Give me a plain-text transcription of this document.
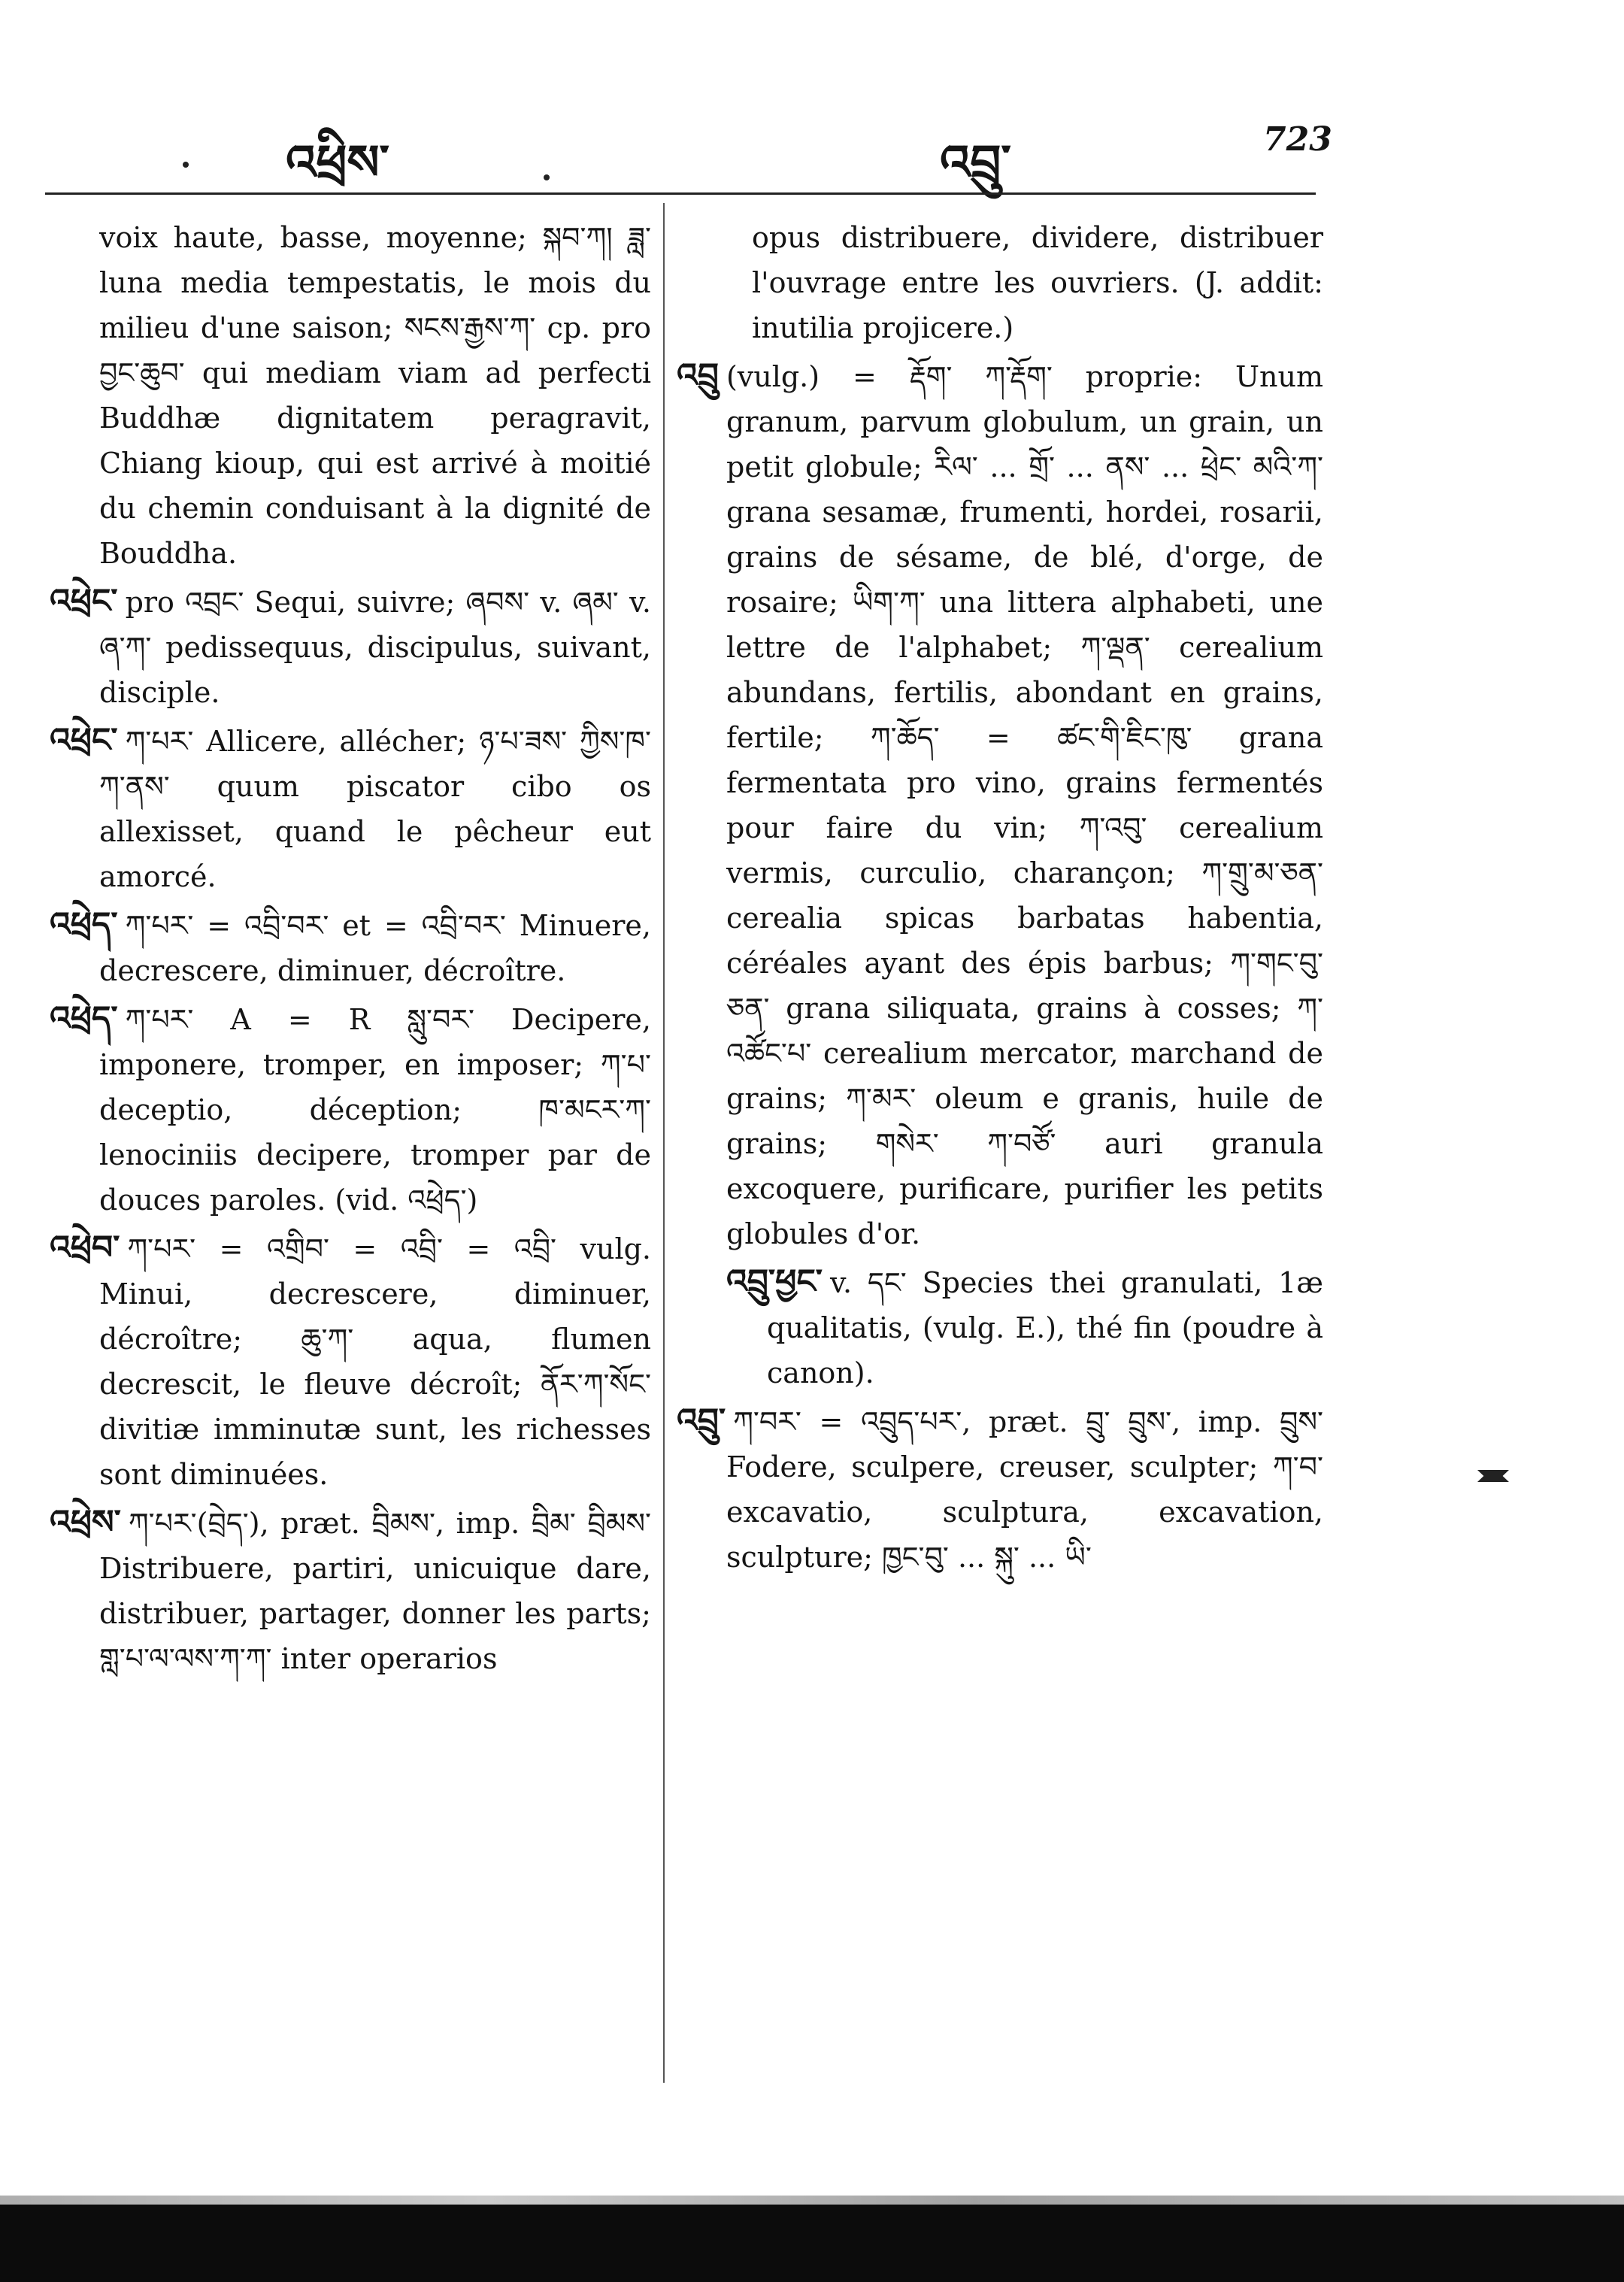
འཕྲིས་	འབྲུ་	723

voix haute, basse, moyenne; སྐབ་ཀ། ཟླ་ luna media tempestatis, le mois du milieu d'une saison; སངས་རྒྱས་ཀ་ cp. pro བྱང་ཆུབ་ qui mediam viam ad perfecti Buddhæ dignitatem peragravit, Chiang kioup, qui est arrivé à moitié du chemin conduisant à la dignité de Bouddha.

འཕྲེང་ pro འབྲང་ Sequi, suivre; ཞབས་ v. ཞམ་ v. ཞ་ཀ་ pedissequus, discipulus, suivant, disciple.

འཕྲེང་ ཀ་པར་ Allicere, allécher; ཉ་པ་ཟས་ ཀྱིས་ཁ་ཀ་ནས་ quum piscator cibo os allexisset, quand le pêcheur eut amorcé.

འཕྲེད་ ཀ་པར་ = འབྲི་བར་ et = འབྲི་བར་ Minuere, decrescere, diminuer, décroître.

འཕྲེད་ ཀ་པར་ A = R སླུ་བར་ Decipere, imponere, tromper, en imposer; ཀ་པ་ deceptio, déception; ཁ་མངར་ཀ་ lenociniis decipere, tromper par de douces paroles. (vid. འཕྲེད་)

འཕྲེབ་ ཀ་པར་ = འགྲིབ་ = འབྲི་ = འབྲི་ vulg. Minui, decrescere, diminuer, décroître; ཆུ་ཀ་ aqua, flumen decrescit, le fleuve décroît; ནོར་ཀ་སོང་ divitiæ imminutæ sunt, les richesses sont diminuées.

འཕྲེས་ ཀ་པར་(བྲེད་), præt. བྲིམས་, imp. བྲིམ་ བྲིམས་ Distribuere, partiri, unicuique dare, distribuer, partager, donner les parts; གླ་པ་ལ་ལས་ཀ་ཀ་ inter operarios

opus distribuere, dividere, distribuer l'ouvrage entre les ouvriers. (J. addit: inutilia projicere.)

འབྲུ (vulg.) = རྡོག་ ཀ་རྡོག་ proprie: Unum granum, parvum globulum, un grain, un petit globule; རིལ་ ... གྲོ་ ... ནས་ ... ཕྲེང་ མའི་ཀ་ grana sesamæ, frumenti, hordei, rosarii, grains de sésame, de blé, d'orge, de rosaire; ཡིག་ཀ་ una littera alphabeti, une lettre de l'alphabet; ཀ་ལྡན་ cerealium abundans, fertilis, abondant en grains, fertile; ཀ་ཆོད་ = ཚང་གི་ཇིང་ཁུ་ grana fermentata pro vino, grains fermentés pour faire du vin; ཀ་འབུ་ cerealium vermis, curculio, charançon; ཀ་གྲུ་མ་ཅན་ cerealia spicas barbatas habentia, céréales ayant des épis barbus; ཀ་གང་བུ་ཅན་ grana siliquata, grains à cosses; ཀ་འཚོང་པ་ cerealium mercator, marchand de grains; ཀ་མར་ oleum e granis, huile de grains; གསེར་ ཀ་བཙོ་ auri granula excoquere, purificare, purifier les petits globules d'or.

འབྲུ་ཕྱང་ v. དང་ Species thei granulati, 1æ qualitatis, (vulg. E.), thé fin (poudre à canon).

འབྲུ་ ཀ་བར་ = འབྲུད་པར་, præt. བྲུ་ བྲུས་, imp. བྲུས་ Fodere, sculpere, creuser, sculpter; ཀ་བ་ excavatio, sculptura, excavation, sculpture; ཁྱང་བུ་ ... སྐུ་ ... ཡི་
